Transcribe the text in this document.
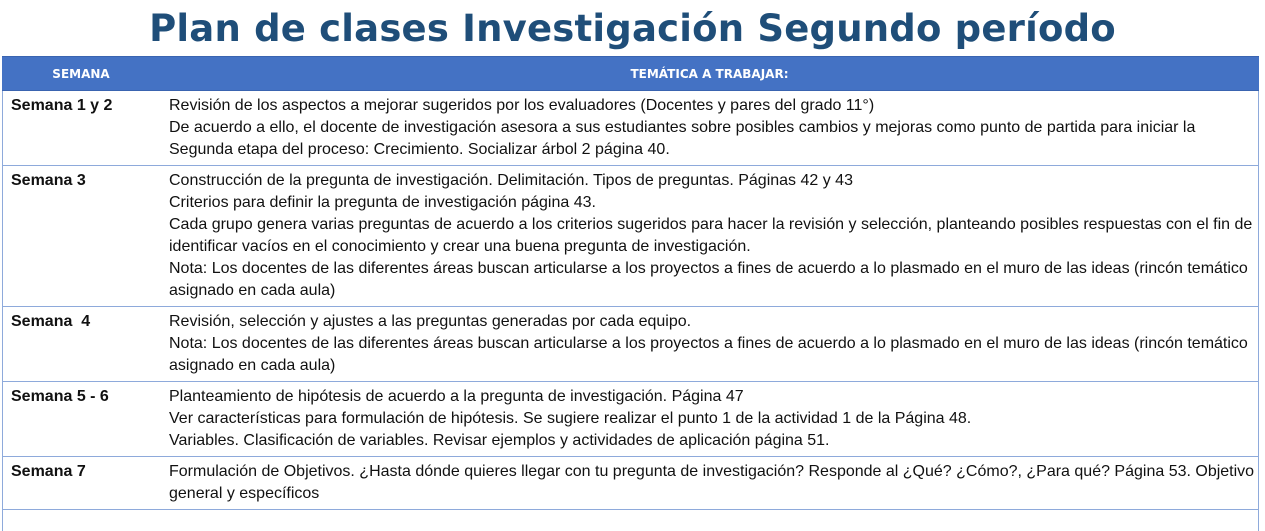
Plan de clases Investigación Segundo período
SEMANA	TEMÁTICA A TRABAJAR:
Semana 1 y 2	Revisión de los aspectos a mejorar sugeridos por los evaluadores (Docentes y pares del grado 11°)
De acuerdo a ello, el docente de investigación asesora a sus estudiantes sobre posibles cambios y mejoras como punto de partida para iniciar la Segunda etapa del proceso: Crecimiento. Socializar árbol 2 página 40.

Semana 3	Construcción de la pregunta de investigación. Delimitación. Tipos de preguntas. Páginas 42 y 43
Criterios para definir la pregunta de investigación página 43.
Cada grupo genera varias preguntas de acuerdo a los criterios sugeridos para hacer la revisión y selección, planteando posibles respuestas con el fin de identificar vacíos en el conocimiento y crear una buena pregunta de investigación.
Nota: Los docentes de las diferentes áreas buscan articularse a los proyectos a fines de acuerdo a lo plasmado en el muro de las ideas (rincón temático asignado en cada aula)

Semana  4	Revisión, selección y ajustes a las preguntas generadas por cada equipo.
Nota: Los docentes de las diferentes áreas buscan articularse a los proyectos a fines de acuerdo a lo plasmado en el muro de las ideas (rincón temático asignado en cada aula)

Semana 5 - 6	Planteamiento de hipótesis de acuerdo a la pregunta de investigación. Página 47
Ver características para formulación de hipótesis. Se sugiere realizar el punto 1 de la actividad 1 de la Página 48.
Variables. Clasificación de variables. Revisar ejemplos y actividades de aplicación página 51.

Semana 7	Formulación de Objetivos. ¿Hasta dónde quieres llegar con tu pregunta de investigación? Responde al ¿Qué? ¿Cómo?, ¿Para qué? Página 53. Objetivo general y específicos
